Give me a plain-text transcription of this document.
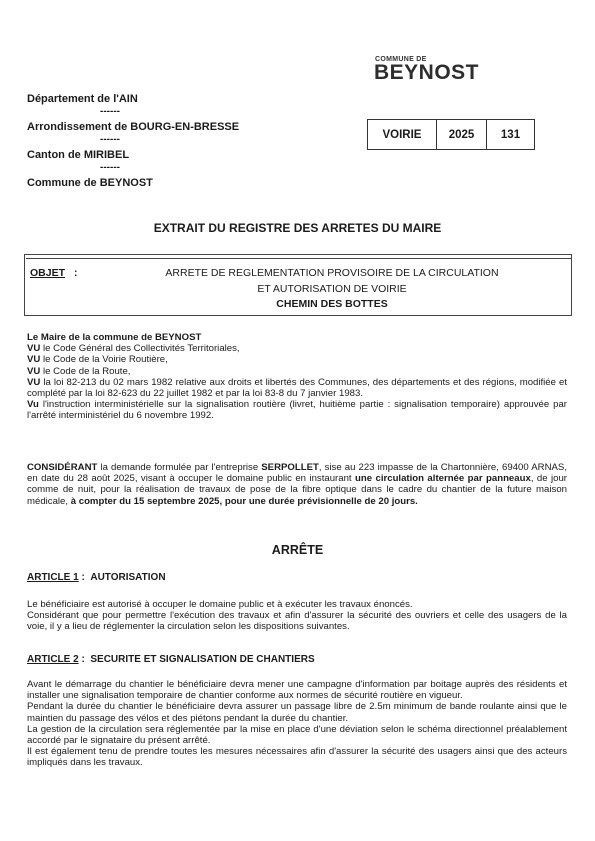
COMMUNE DE
BEYNOST
Département de l'AIN
------
Arrondissement de BOURG-EN-BRESSE
------
Canton de MIRIBEL
------
Commune de BEYNOST
VOIRIE	2025	131
EXTRAIT DU REGISTRE DES ARRETES DU MAIRE
OBJET :	ARRETE DE REGLEMENTATION PROVISOIRE DE LA CIRCULATION
ET AUTORISATION DE VOIRIE
CHEMIN DES BOTTES

Le Maire de la commune de BEYNOST

VU le Code Général des Collectivités Territoriales,

VU le Code de la Voirie Routière,

VU le Code de la Route,

VU la loi 82-213 du 02 mars 1982 relative aux droits et libertés des Communes, des départements et des régions, modifiée et complété par la loi 82-623 du 22 juillet 1982 et par la loi 83-8 du 7 janvier 1983.

Vu l'instruction interministérielle sur la signalisation routière (livret, huitième partie : signalisation temporaire) approuvée par l'arrêté interministériel du 6 novembre 1992.

CONSIDÉRANT la demande formulée par l'entreprise SERPOLLET, sise au 223 impasse de la Chartonnière, 69400 ARNAS, en date du 28 août 2025, visant à occuper le domaine public en instaurant une circulation alternée par panneaux, de jour comme de nuit, pour la réalisation de travaux de pose de la fibre optique dans le cadre du chantier de la future maison médicale, à compter du 15 septembre 2025, pour une durée prévisionnelle de 20 jours.

ARRÊTE
ARTICLE 1 : AUTORISATION

Le bénéficiaire est autorisé à occuper le domaine public et à exécuter les travaux énoncés.

Considérant que pour permettre l'exécution des travaux et afin d'assurer la sécurité des ouvriers et celle des usagers de la voie, il y a lieu de réglementer la circulation selon les dispositions suivantes.

ARTICLE 2 : SECURITE ET SIGNALISATION DE CHANTIERS

Avant le démarrage du chantier le bénéficiaire devra mener une campagne d'information par boitage auprès des résidents et installer une signalisation temporaire de chantier conforme aux normes de sécurité routière en vigueur.

Pendant la durée du chantier le bénéficiaire devra assurer un passage libre de 2.5m minimum de bande roulante ainsi que le maintien du passage des vélos et des piétons pendant la durée du chantier.

La gestion de la circulation sera réglementée par la mise en place d'une déviation selon le schéma directionnel préalablement accordé par le signataire du présent arrêté.

Il est également tenu de prendre toutes les mesures nécessaires afin d'assurer la sécurité des usagers ainsi que des acteurs impliqués dans les travaux.
